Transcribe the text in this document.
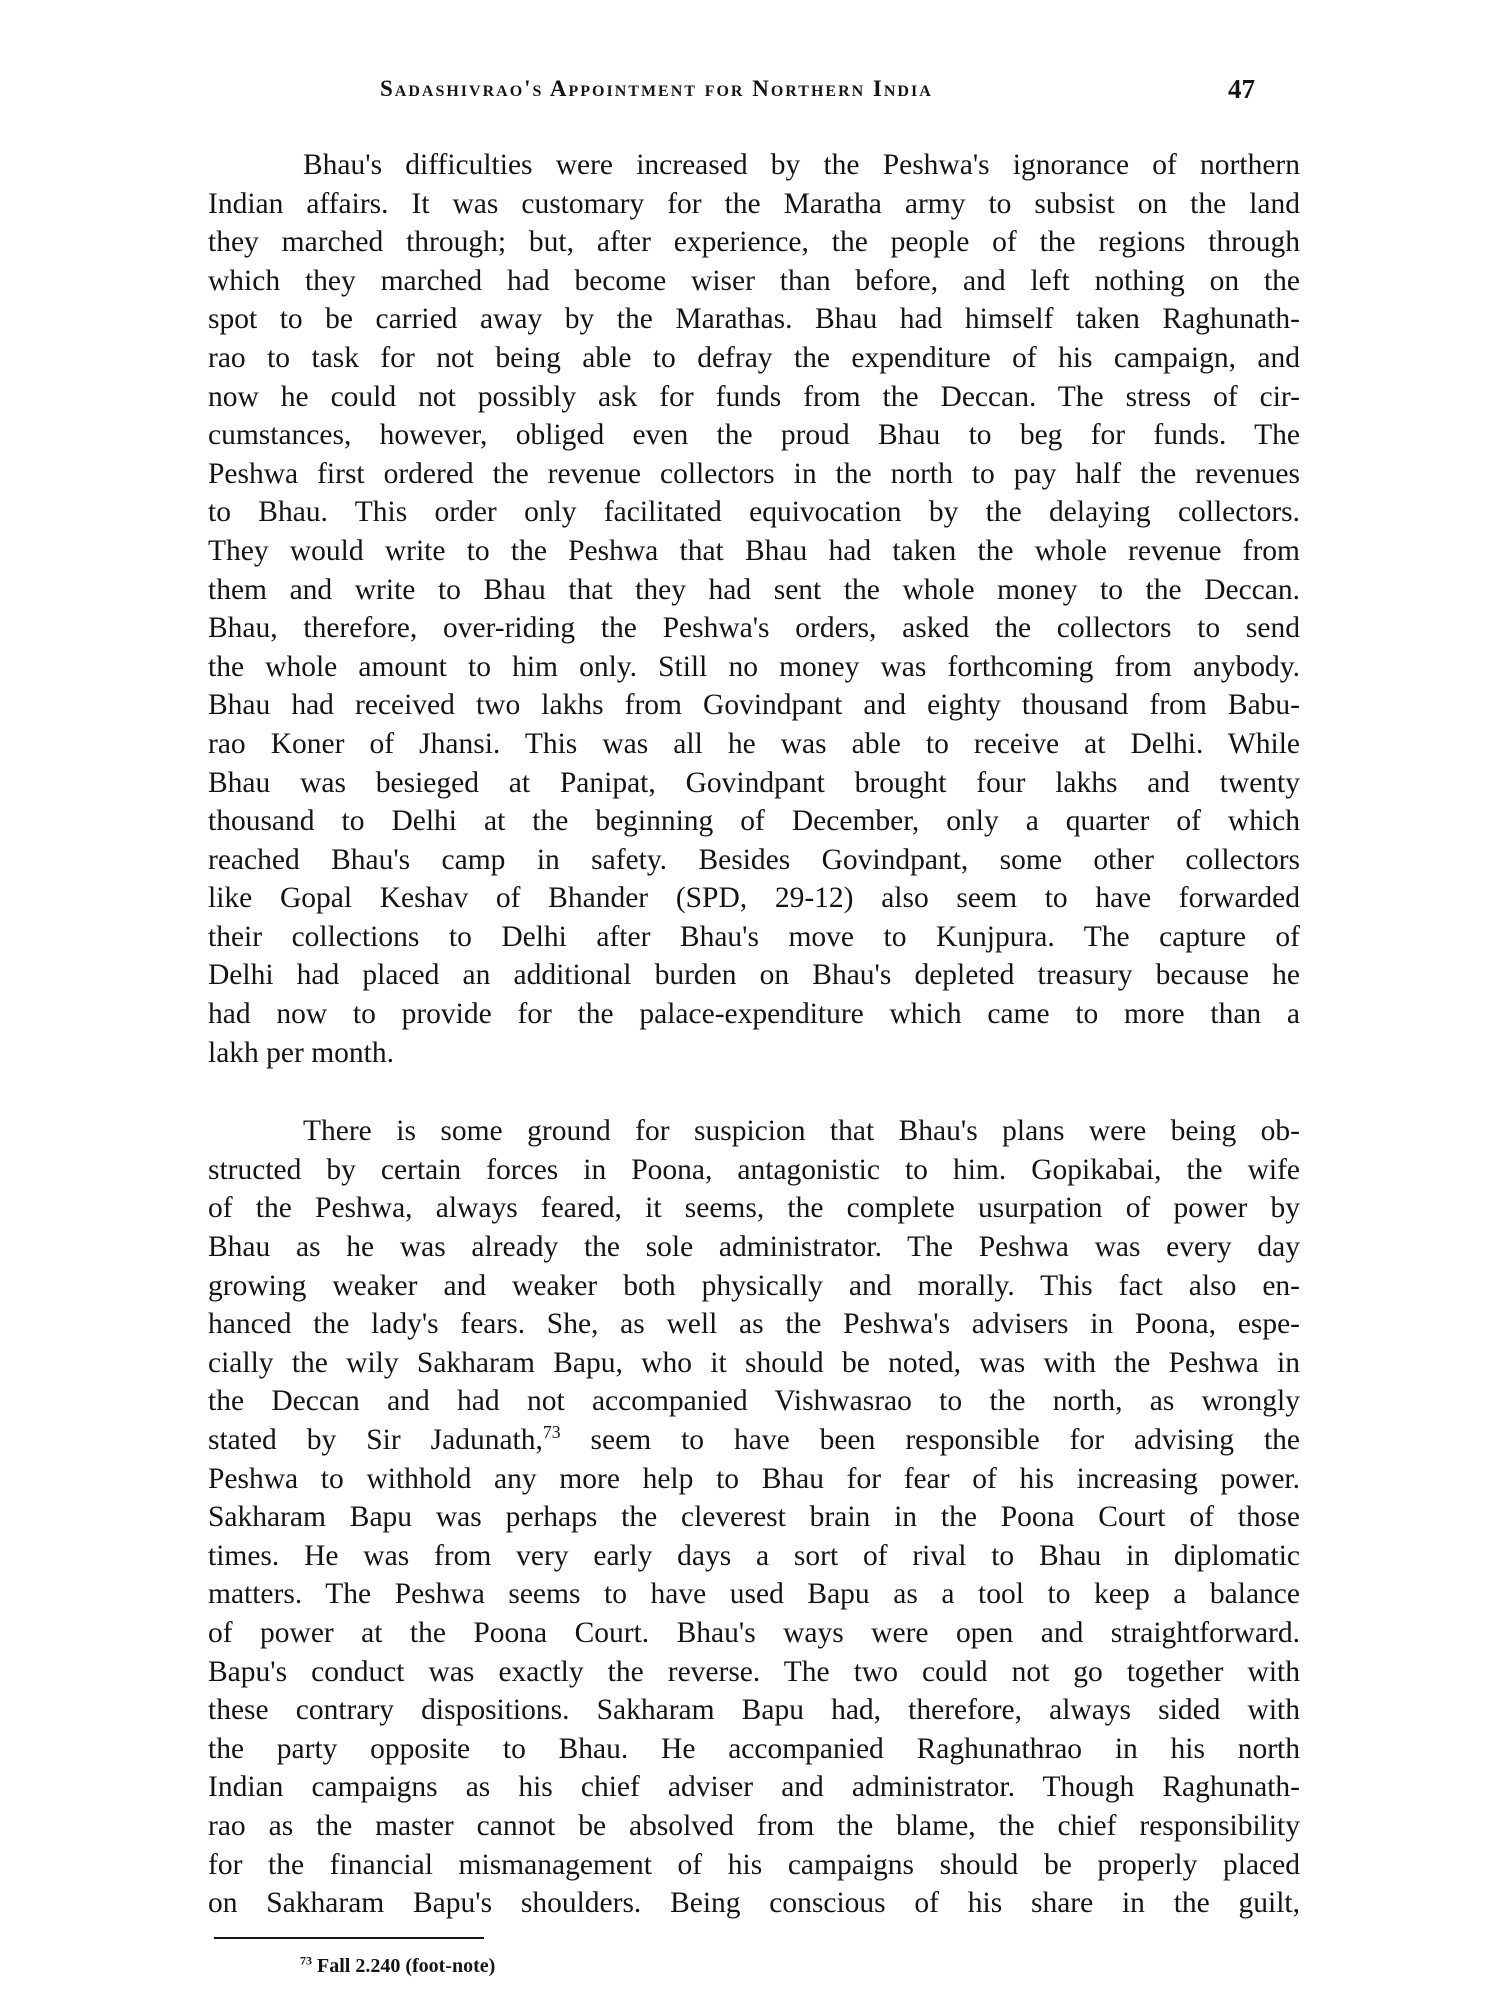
Sadashivrao's Appointment for Northern India	47
Bhau's difficulties were increased by the Peshwa's ignorance of northern
Indian affairs. It was customary for the Maratha army to subsist on the land
they marched through; but, after experience, the people of the regions through
which they marched had become wiser than before, and left nothing on the
spot to be carried away by the Marathas. Bhau had himself taken Raghunath-
rao to task for not being able to defray the expenditure of his campaign, and
now he could not possibly ask for funds from the Deccan. The stress of cir-
cumstances, however, obliged even the proud Bhau to beg for funds. The
Peshwa first ordered the revenue collectors in the north to pay half the revenues
to Bhau. This order only facilitated equivocation by the delaying collectors.
They would write to the Peshwa that Bhau had taken the whole revenue from
them and write to Bhau that they had sent the whole money to the Deccan.
Bhau, therefore, over-riding the Peshwa's orders, asked the collectors to send
the whole amount to him only. Still no money was forthcoming from anybody.
Bhau had received two lakhs from Govindpant and eighty thousand from Babu-
rao Koner of Jhansi. This was all he was able to receive at Delhi. While
Bhau was besieged at Panipat, Govindpant brought four lakhs and twenty
thousand to Delhi at the beginning of December, only a quarter of which
reached Bhau's camp in safety. Besides Govindpant, some other collectors
like Gopal Keshav of Bhander (SPD, 29-12) also seem to have forwarded
their collections to Delhi after Bhau's move to Kunjpura. The capture of
Delhi had placed an additional burden on Bhau's depleted treasury because he
had now to provide for the palace-expenditure which came to more than a
lakh per month.
There is some ground for suspicion that Bhau's plans were being ob-
structed by certain forces in Poona, antagonistic to him. Gopikabai, the wife
of the Peshwa, always feared, it seems, the complete usurpation of power by
Bhau as he was already the sole administrator. The Peshwa was every day
growing weaker and weaker both physically and morally. This fact also en-
hanced the lady's fears. She, as well as the Peshwa's advisers in Poona, espe-
cially the wily Sakharam Bapu, who it should be noted, was with the Peshwa in
the Deccan and had not accompanied Vishwasrao to the north, as wrongly
stated by Sir Jadunath,$^{73}$ seem to have been responsible for advising the
Peshwa to withhold any more help to Bhau for fear of his increasing power.
Sakharam Bapu was perhaps the cleverest brain in the Poona Court of those
times. He was from very early days a sort of rival to Bhau in diplomatic
matters. The Peshwa seems to have used Bapu as a tool to keep a balance
of power at the Poona Court. Bhau's ways were open and straightforward.
Bapu's conduct was exactly the reverse. The two could not go together with
these contrary dispositions. Sakharam Bapu had, therefore, always sided with
the party opposite to Bhau. He accompanied Raghunathrao in his north
Indian campaigns as his chief adviser and administrator. Though Raghunath-
rao as the master cannot be absolved from the blame, the chief responsibility
for the financial mismanagement of his campaigns should be properly placed
on Sakharam Bapu's shoulders. Being conscious of his share in the guilt,
$^{73}$ Fall 2.240 (foot-note)
